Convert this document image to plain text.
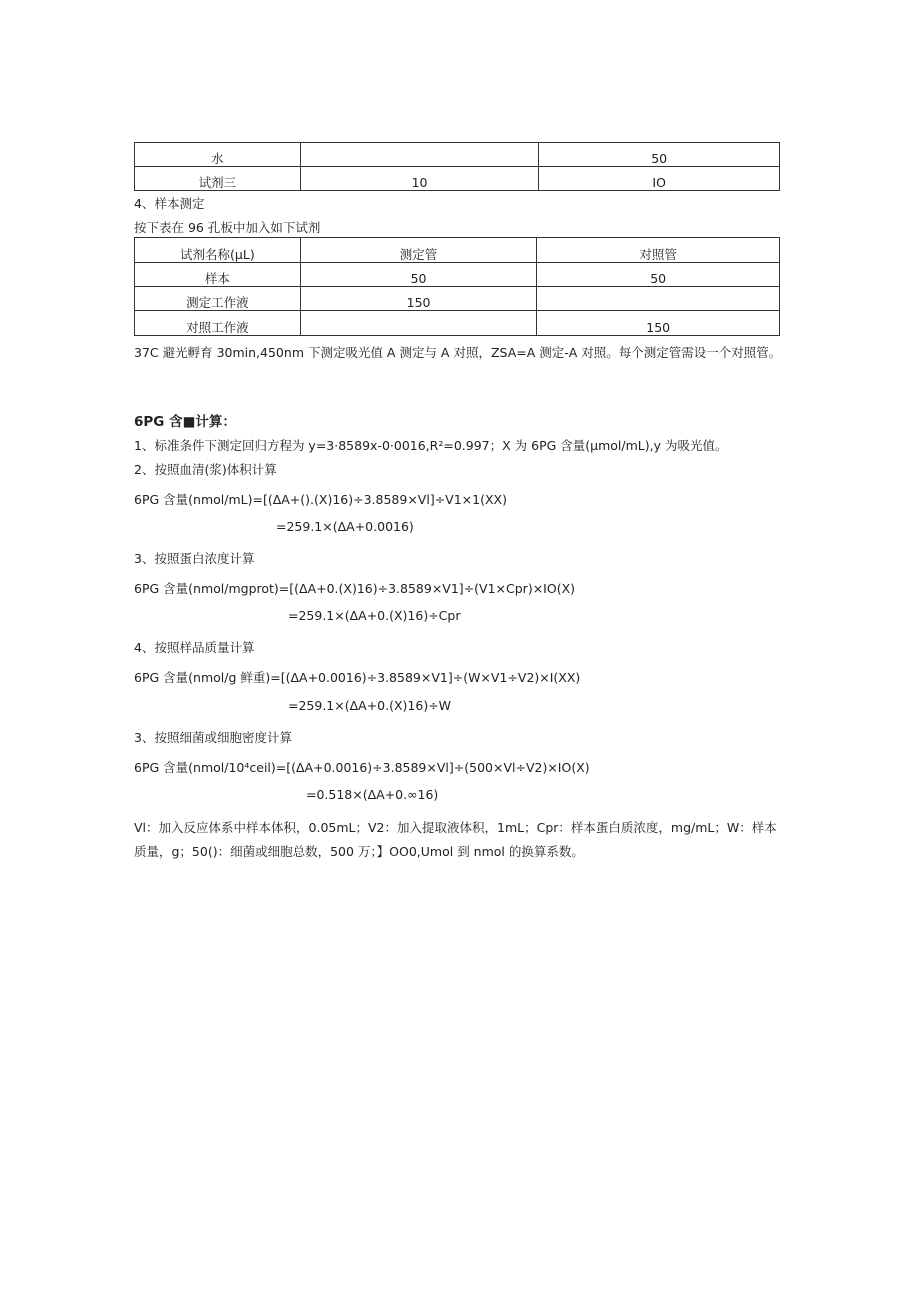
水		50
试剂三	10	IO
4、样本测定
按下表在 96 孔板中加入如下试剂
试剂名称(μL)	测定管	对照管
样本	50	50
测定工作液	150	
对照工作液		150
37C 避光孵育 30min,450nm 下测定吸光值 A 测定与 A 对照，ZSA=A 测定-A 对照。每个测定管需设一个对照管。
6PG 含■计算：
1、标准条件下测定回归方程为 y=3·8589x-0·0016,R²=0.997；X 为 6PG 含量(μmol∕mL),y 为吸光值。
2、按照血清(浆)体积计算
6PG 含量(nmol/mL)=[(ΔA+().(X)16)÷3.8589×Vl]÷V1×1(XX)
=259.1×(ΔA+0.0016)
3、按照蛋白浓度计算
6PG 含量(nmol/mgprot)=[(ΔA+0.(X)16)÷3.8589×V1]÷(V1×Cpr)×IO(X)
=259.1×(ΔA+0.(X)16)÷Cpr
4、按照样品质量计算
6PG 含量(nmol∕g 鲜重)=[(ΔA+0.0016)÷3.8589×V1]÷(W×V1÷V2)×I(XX)
=259.1×(ΔA+0.(X)16)÷W
3、按照细菌或细胞密度计算
6PG 含量(nmol∕10⁴ceil)=[(ΔA+0.0016)÷3.8589×Vl]÷(500×Vl÷V2)×IO(X)
=0.518×(ΔA+0.∞16)
Vl：加入反应体系中样本体积，0.05mL；V2：加入提取液体积，1mL；Cpr：样本蛋白质浓度，mg/mL；W：样本质量，g；50()：细菌或细胞总数，500 万；】OO0,Umol 到 nmol 的换算系数。
